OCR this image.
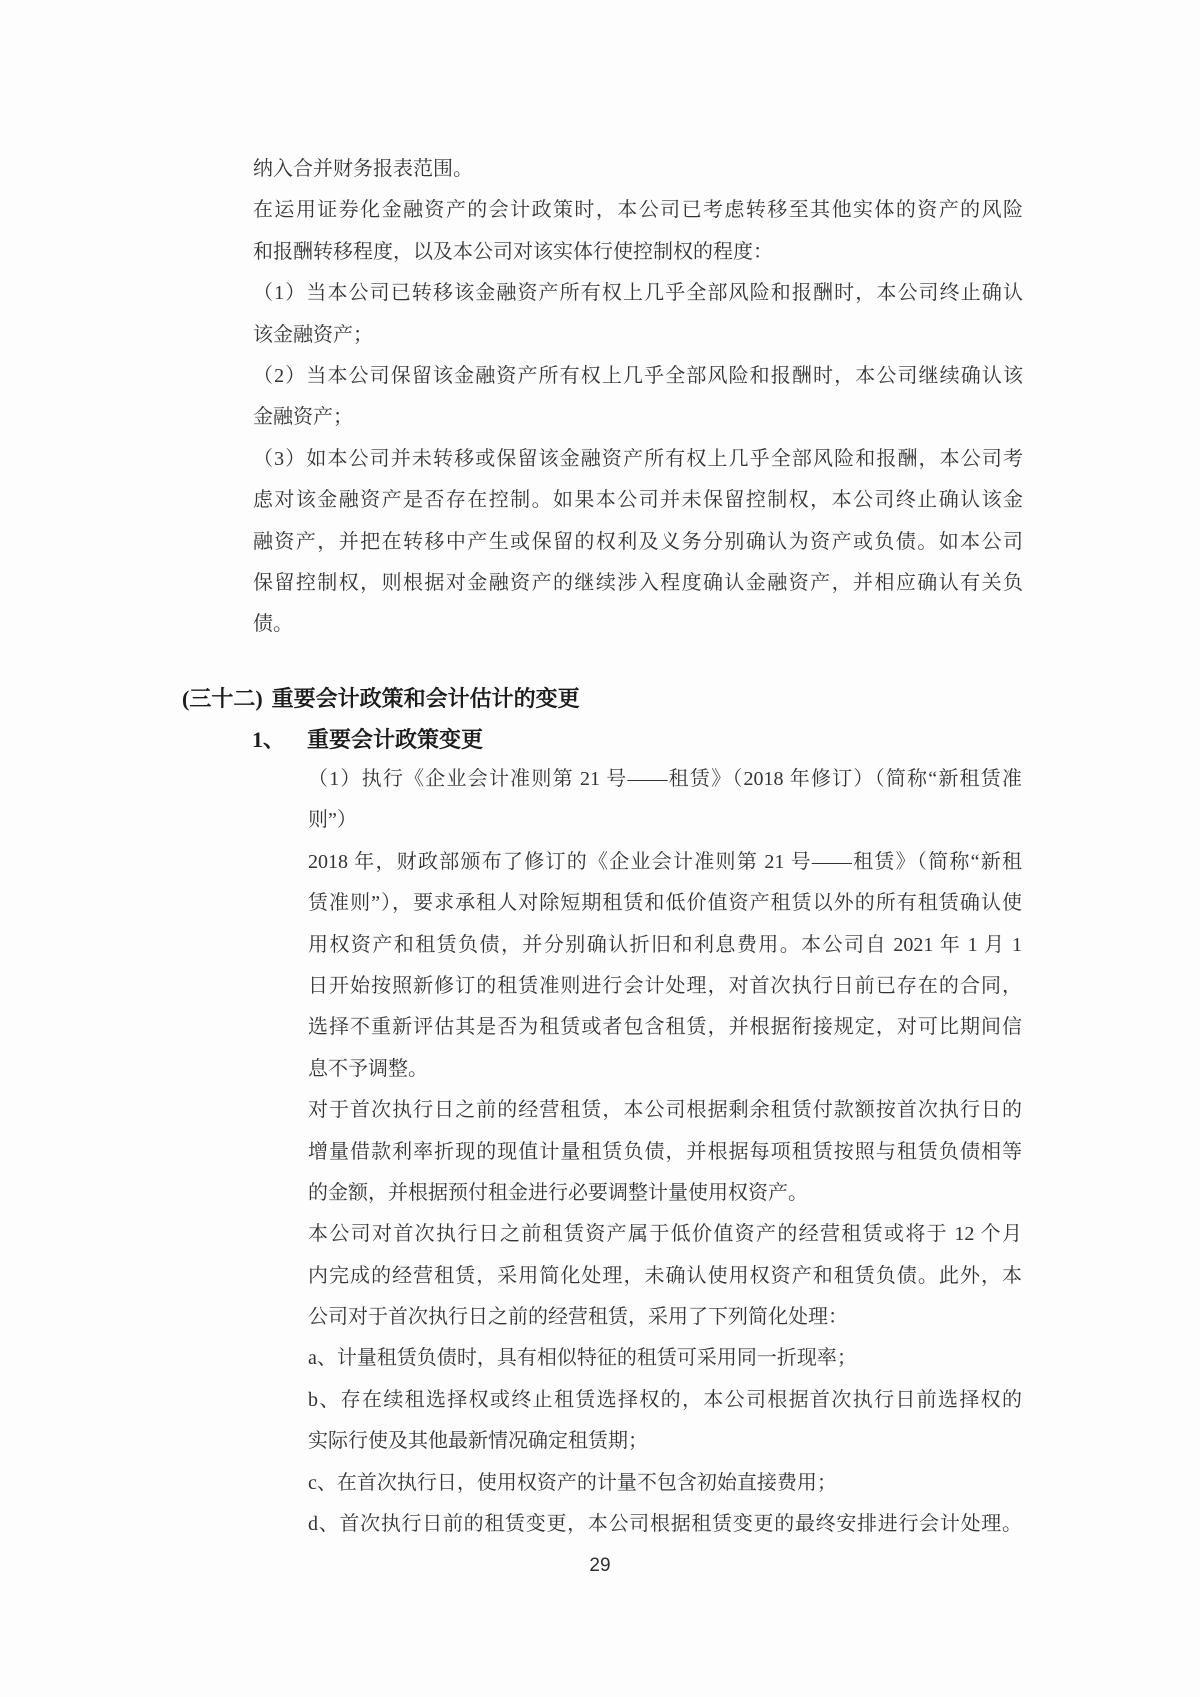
纳入合并财务报表范围。
在运用证券化金融资产的会计政策时，本公司已考虑转移至其他实体的资产的风险
和报酬转移程度，以及本公司对该实体行使控制权的程度：
（1）当本公司已转移该金融资产所有权上几乎全部风险和报酬时，本公司终止确认
该金融资产；
（2）当本公司保留该金融资产所有权上几乎全部风险和报酬时，本公司继续确认该
金融资产；
（3）如本公司并未转移或保留该金融资产所有权上几乎全部风险和报酬，本公司考
虑对该金融资产是否存在控制。如果本公司并未保留控制权，本公司终止确认该金
融资产，并把在转移中产生或保留的权利及义务分别确认为资产或负债。如本公司
保留控制权，则根据对金融资产的继续涉入程度确认金融资产，并相应确认有关负
债。
(三十二) 重要会计政策和会计估计的变更
1、 重要会计政策变更
（1）执行《企业会计准则第 21 号——租赁》（2018 年修订）（简称“新租赁准
则”）
2018 年，财政部颁布了修订的《企业会计准则第 21 号——租赁》（简称“新租
赁准则”），要求承租人对除短期租赁和低价值资产租赁以外的所有租赁确认使
用权资产和租赁负债，并分别确认折旧和利息费用。本公司自 2021 年 1 月 1
日开始按照新修订的租赁准则进行会计处理，对首次执行日前已存在的合同，
选择不重新评估其是否为租赁或者包含租赁，并根据衔接规定，对可比期间信
息不予调整。
对于首次执行日之前的经营租赁，本公司根据剩余租赁付款额按首次执行日的
增量借款利率折现的现值计量租赁负债，并根据每项租赁按照与租赁负债相等
的金额，并根据预付租金进行必要调整计量使用权资产。
本公司对首次执行日之前租赁资产属于低价值资产的经营租赁或将于 12 个月
内完成的经营租赁，采用简化处理，未确认使用权资产和租赁负债。此外，本
公司对于首次执行日之前的经营租赁，采用了下列简化处理：
a、计量租赁负债时，具有相似特征的租赁可采用同一折现率；
b、存在续租选择权或终止租赁选择权的，本公司根据首次执行日前选择权的
实际行使及其他最新情况确定租赁期；
c、在首次执行日，使用权资产的计量不包含初始直接费用；
d、首次执行日前的租赁变更，本公司根据租赁变更的最终安排进行会计处理。
29
